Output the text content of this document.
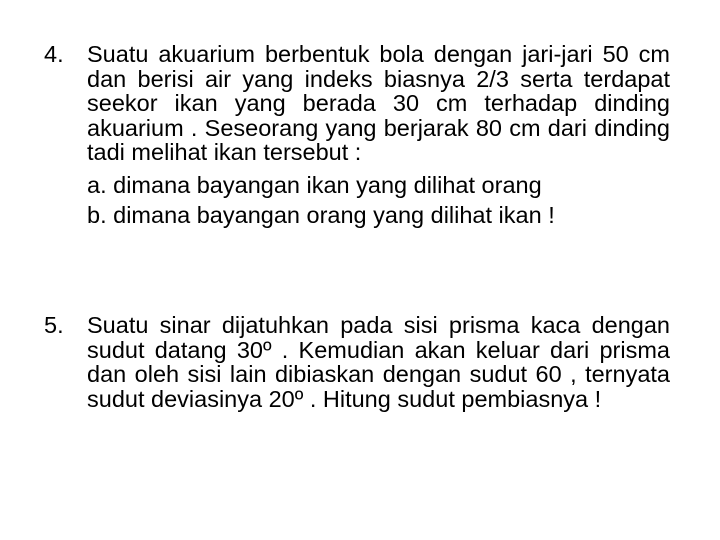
4. Suatu akuarium berbentuk bola dengan jari-jari 50 cm dan berisi air yang indeks biasnya 2/3 serta terdapat seekor ikan yang berada 30 cm terhadap dinding akuarium . Seseorang yang berjarak 80 cm dari dinding tadi melihat ikan tersebut :
a. dimana bayangan ikan yang dilihat orang
b. dimana bayangan orang yang dilihat ikan !
5. Suatu sinar dijatuhkan pada sisi prisma kaca dengan sudut datang 30º . Kemudian akan keluar dari prisma dan oleh sisi lain dibiaskan dengan sudut 60 , ternyata sudut deviasinya 20º . Hitung sudut pembiasnya !
